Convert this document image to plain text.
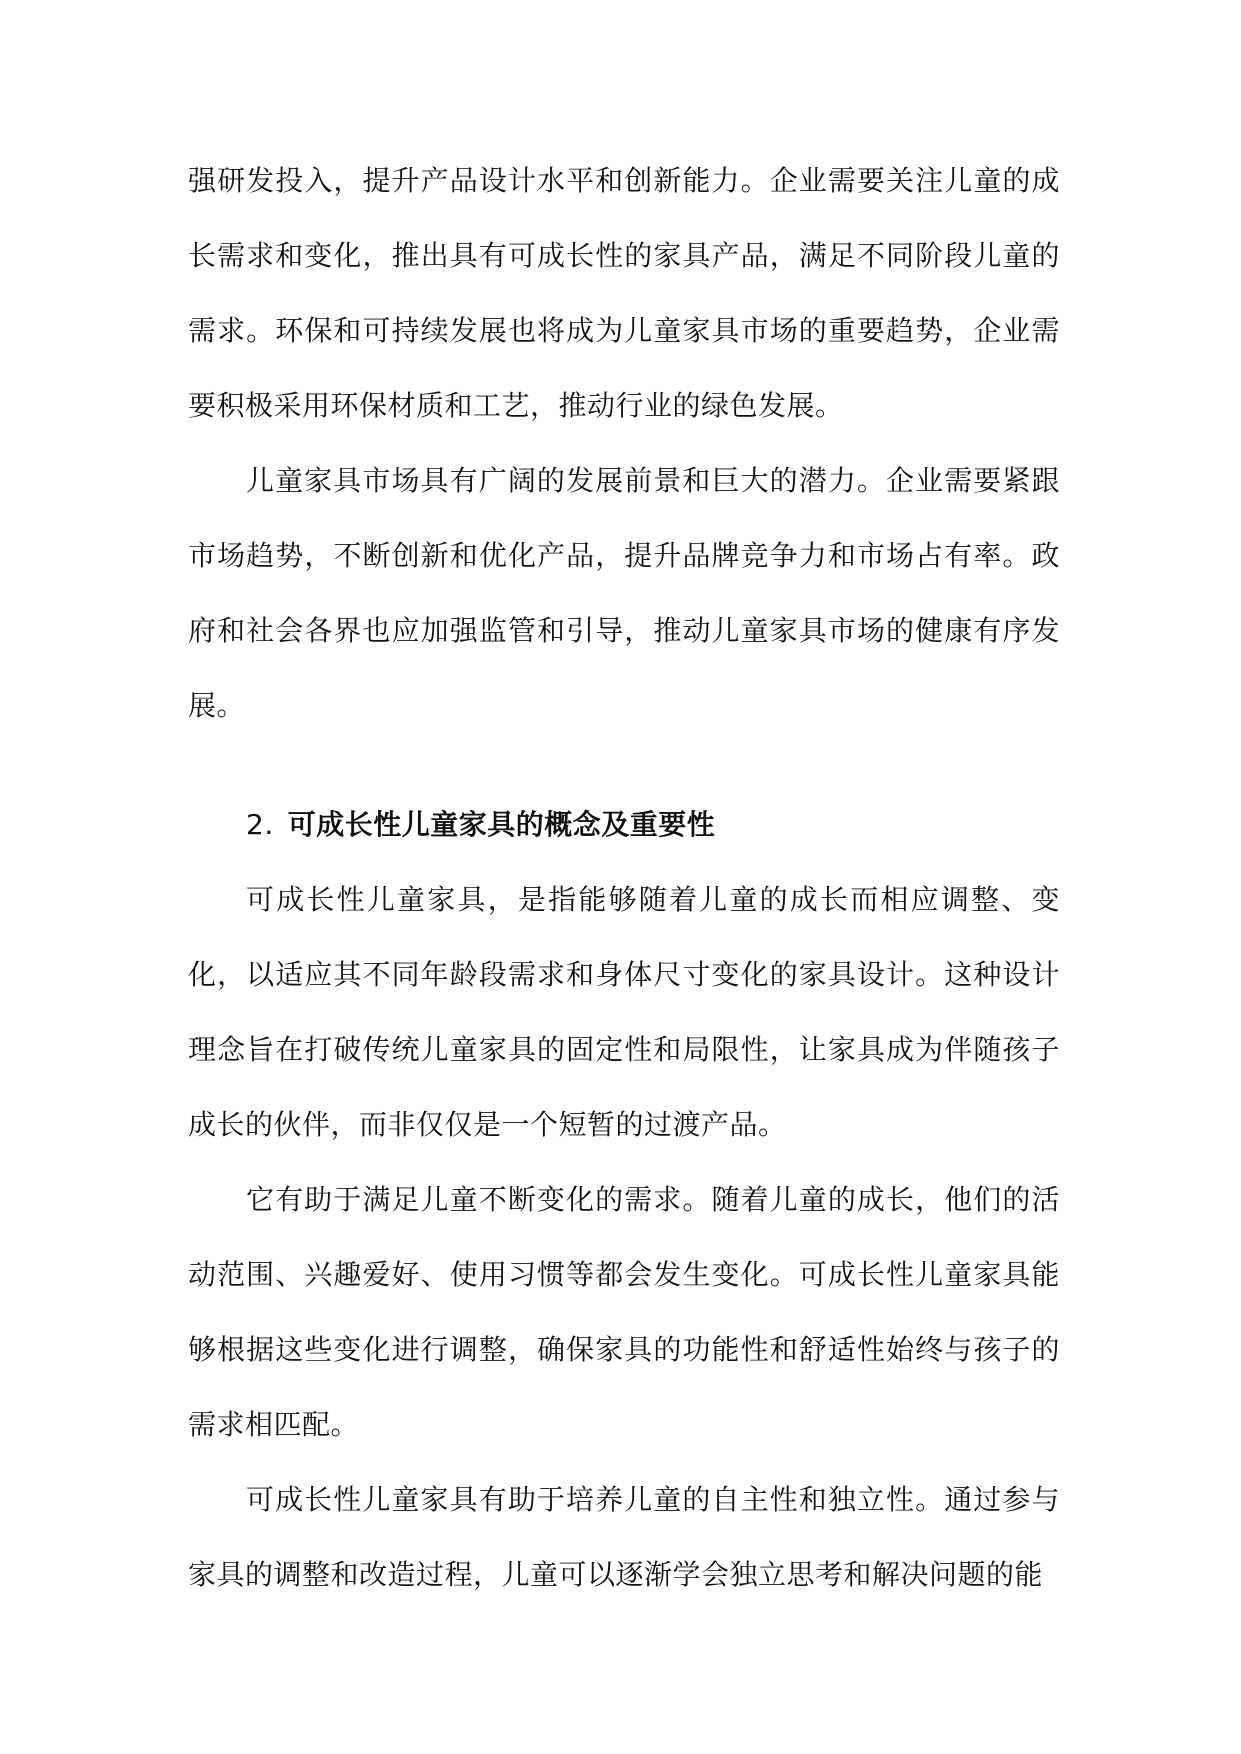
强研发投入，提升产品设计水平和创新能力。企业需要关注儿童的成长需求和变化，推出具有可成长性的家具产品，满足不同阶段儿童的需求。环保和可持续发展也将成为儿童家具市场的重要趋势，企业需要积极采用环保材质和工艺，推动行业的绿色发展。

儿童家具市场具有广阔的发展前景和巨大的潜力。企业需要紧跟市场趋势，不断创新和优化产品，提升品牌竞争力和市场占有率。政府和社会各界也应加强监管和引导，推动儿童家具市场的健康有序发展。

2. 可成长性儿童家具的概念及重要性

可成长性儿童家具，是指能够随着儿童的成长而相应调整、变化，以适应其不同年龄段需求和身体尺寸变化的家具设计。这种设计理念旨在打破传统儿童家具的固定性和局限性，让家具成为伴随孩子成长的伙伴，而非仅仅是一个短暂的过渡产品。

它有助于满足儿童不断变化的需求。随着儿童的成长，他们的活动范围、兴趣爱好、使用习惯等都会发生变化。可成长性儿童家具能够根据这些变化进行调整，确保家具的功能性和舒适性始终与孩子的需求相匹配。

可成长性儿童家具有助于培养儿童的自主性和独立性。通过参与家具的调整和改造过程，儿童可以逐渐学会独立思考和解决问题的能
